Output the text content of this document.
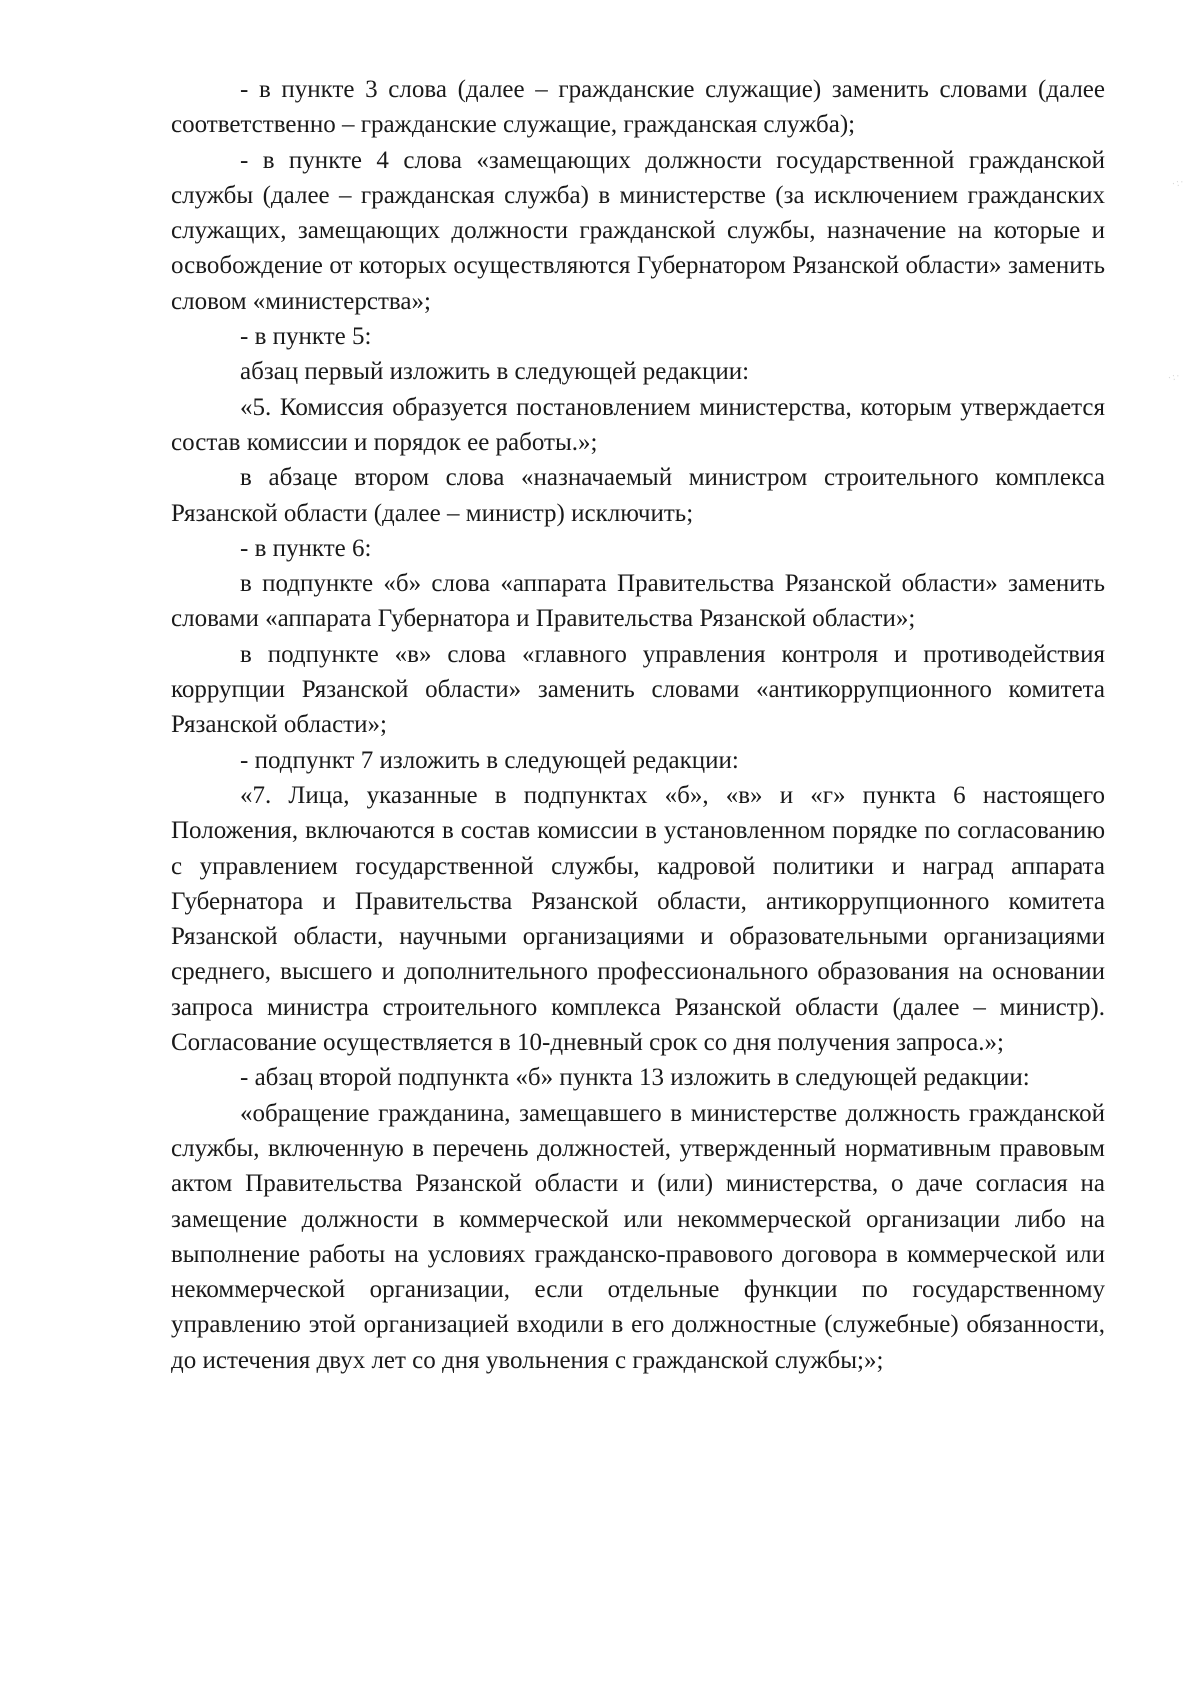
·:·
·:·

- в пункте 3 слова (далее – гражданские служащие) заменить словами (далее соответственно – гражданские служащие, гражданская служба);

- в пункте 4 слова «замещающих должности государственной гражданской службы (далее – гражданская служба) в министерстве (за исключением гражданских служащих, замещающих должности гражданской службы, назначение на которые и освобождение от которых осуществляются Губернатором Рязанской области» заменить словом «министерства»;

- в пункте 5:

абзац первый изложить в следующей редакции:

«5. Комиссия образуется постановлением министерства, которым утверждается состав комиссии и порядок ее работы.»;

в абзаце втором слова «назначаемый министром строительного комплекса Рязанской области (далее – министр) исключить;

- в пункте 6:

в подпункте «б» слова «аппарата Правительства Рязанской области» заменить словами «аппарата Губернатора и Правительства Рязанской области»;

в подпункте «в» слова «главного управления контроля и противодействия коррупции Рязанской области» заменить словами «антикоррупционного комитета Рязанской области»;

- подпункт 7 изложить в следующей редакции:

«7. Лица, указанные в подпунктах «б», «в» и «г» пункта 6 настоящего Положения, включаются в состав комиссии в установленном порядке по согласованию с управлением государственной службы, кадровой политики и наград аппарата Губернатора и Правительства Рязанской области, антикоррупционного комитета Рязанской области, научными организациями и образовательными организациями среднего, высшего и дополнительного профессионального образования на основании запроса министра строительного комплекса Рязанской области (далее – министр). Согласование осуществляется в 10-дневный срок со дня получения запроса.»;

- абзац второй подпункта «б» пункта 13 изложить в следующей редакции:

«обращение гражданина, замещавшего в министерстве должность гражданской службы, включенную в перечень должностей, утвержденный нормативным правовым актом Правительства Рязанской области и (или) министерства, о даче согласия на замещение должности в коммерческой или некоммерческой организации либо на выполнение работы на условиях гражданско-правового договора в коммерческой или некоммерческой организации, если отдельные функции по государственному управлению этой организацией входили в его должностные (служебные) обязанности, до истечения двух лет со дня увольнения с гражданской службы;»;
